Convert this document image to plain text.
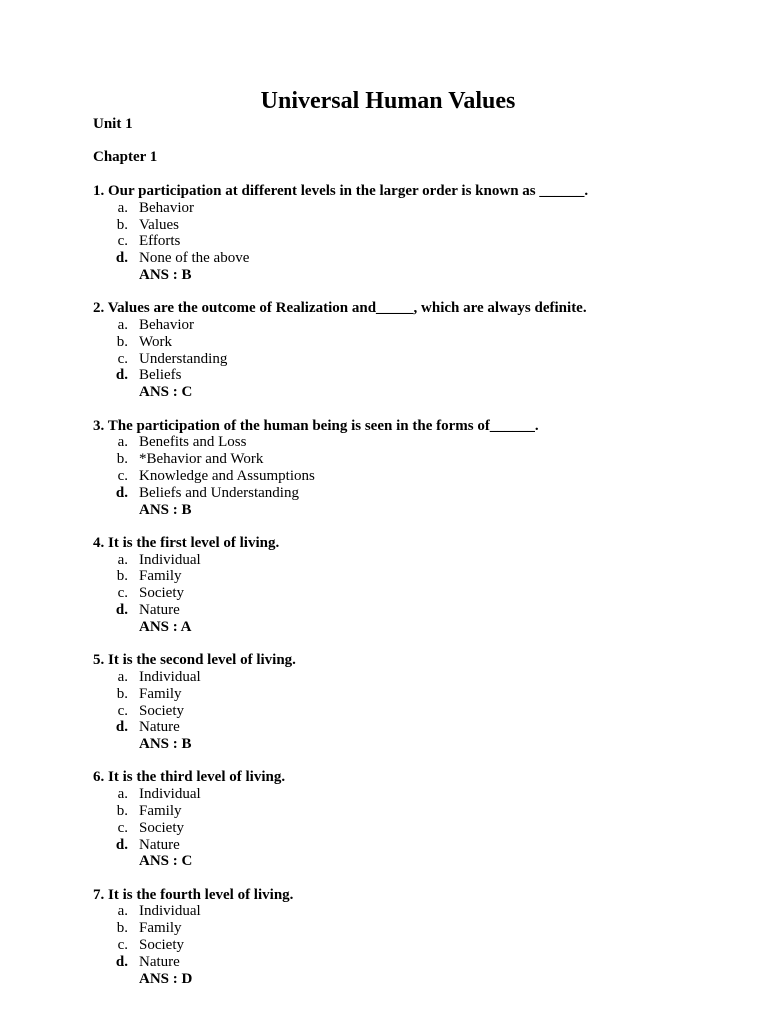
Universal Human Values
Unit 1
Chapter 1
1. Our participation at different levels in the larger order is known as ______.
a. Behavior
b. Values
c. Efforts
d. None of the above
ANS : B
2. Values are the outcome of Realization and_____, which are always definite.
a. Behavior
b. Work
c. Understanding
d. Beliefs
ANS : C
3. The participation of the human being is seen in the forms of______.
a. Benefits and Loss
b. *Behavior and Work
c. Knowledge and Assumptions
d. Beliefs and Understanding
ANS : B
4. It is the first level of living.
a. Individual
b. Family
c. Society
d. Nature
ANS : A
5. It is the second level of living.
a. Individual
b. Family
c. Society
d. Nature
ANS : B
6. It is the third level of living.
a. Individual
b. Family
c. Society
d. Nature
ANS : C
7. It is the fourth level of living.
a. Individual
b. Family
c. Society
d. Nature
ANS : D
